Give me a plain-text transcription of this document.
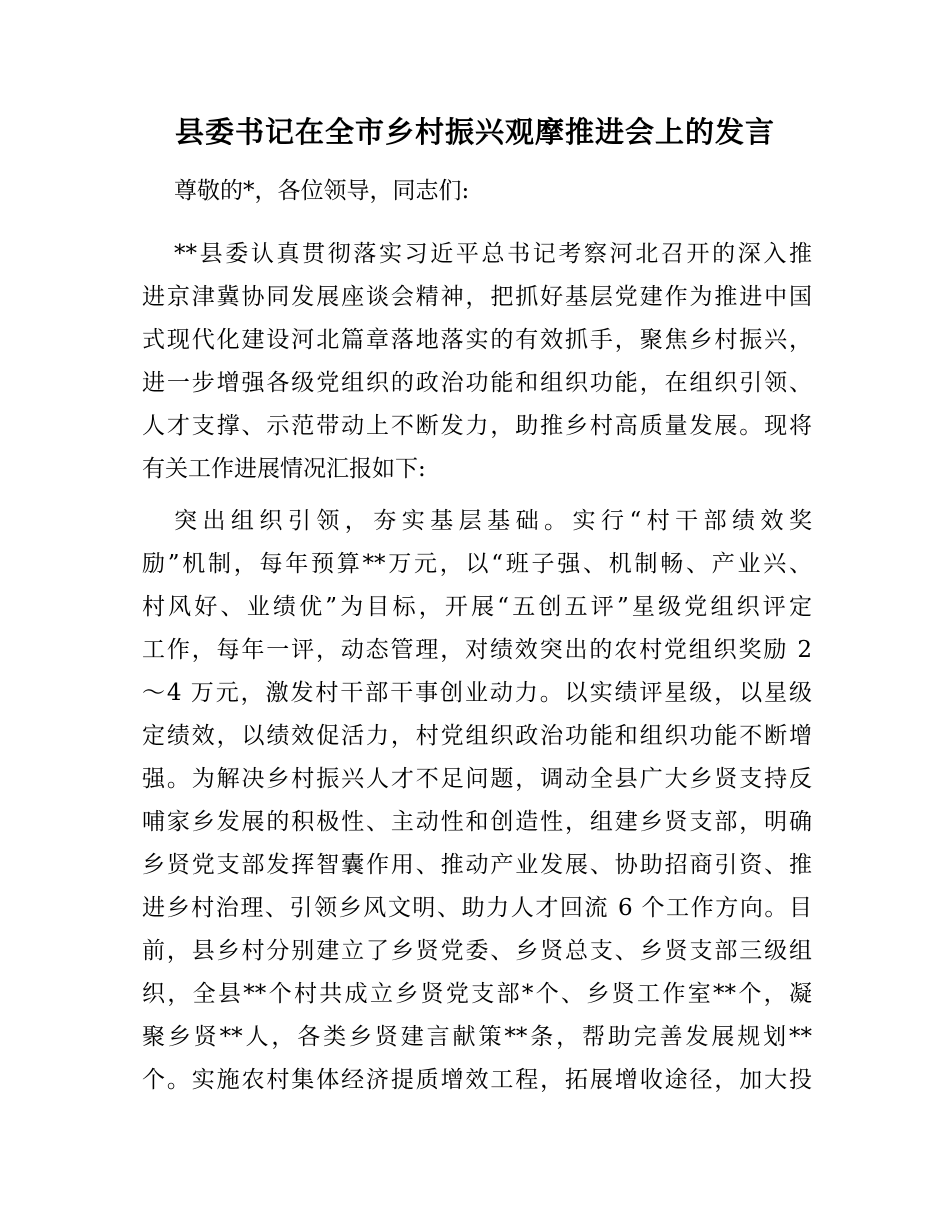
县委书记在全市乡村振兴观摩推进会上的发言
尊敬的*，各位领导，同志们:
**县委认真贯彻落实习近平总书记考察河北召开的深入推
进京津冀协同发展座谈会精神，把抓好基层党建作为推进中国
式现代化建设河北篇章落地落实的有效抓手，聚焦乡村振兴，
进一步增强各级党组织的政治功能和组织功能，在组织引领、
人才支撑、示范带动上不断发力，助推乡村高质量发展。现将
有关工作进展情况汇报如下:
突出组织引领，夯实基层基础。实行“村干部绩效奖
励”机制，每年预算**万元，以“班子强、机制畅、产业兴、
村风好、业绩优”为目标，开展“五创五评”星级党组织评定
工作，每年一评，动态管理，对绩效突出的农村党组织奖励 2
～4 万元，激发村干部干事创业动力。以实绩评星级，以星级
定绩效，以绩效促活力，村党组织政治功能和组织功能不断增
强。为解决乡村振兴人才不足问题，调动全县广大乡贤支持反
哺家乡发展的积极性、主动性和创造性，组建乡贤支部，明确
乡贤党支部发挥智囊作用、推动产业发展、协助招商引资、推
进乡村治理、引领乡风文明、助力人才回流 6 个工作方向。目
前，县乡村分别建立了乡贤党委、乡贤总支、乡贤支部三级组
织，全县**个村共成立乡贤党支部*个、乡贤工作室**个，凝
聚乡贤**人，各类乡贤建言献策**条，帮助完善发展规划**
个。实施农村集体经济提质增效工程，拓展增收途径，加大投
